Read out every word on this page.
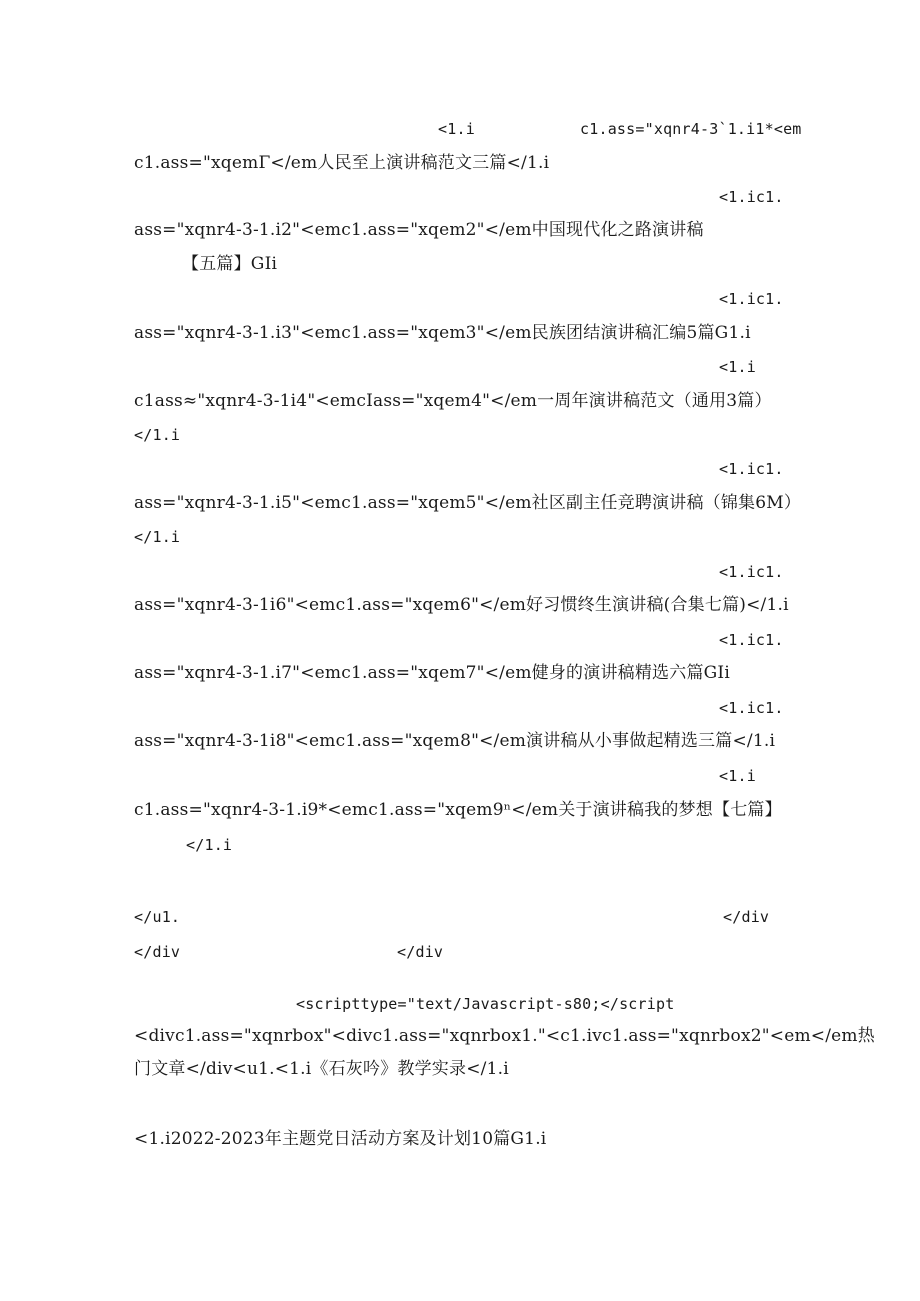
<1.i	c1.ass="xqnr4-3`1.i1*<em
c1.ass="xqemΓ</em人民至上演讲稿范文三篇</1.i
<1.ic1.
ass="xqnr4-3-1.i2"<emc1.ass="xqem2"</em中国现代化之路演讲稿
【五篇】GIi
<1.ic1.
ass="xqnr4-3-1.i3"<emc1.ass="xqem3"</em民族团结演讲稿汇编5篇G1.i
<1.i
c1ass≈"xqnr4-3-1i4"<emcIass="xqem4"</em一周年演讲稿范文（通用3篇）
</1.i
<1.ic1.
ass="xqnr4-3-1.i5"<emc1.ass="xqem5"</em社区副主任竞聘演讲稿（锦集6M）
</1.i
<1.ic1.
ass="xqnr4-3-1i6"<emc1.ass="xqem6"</em好习惯终生演讲稿(合集七篇)</1.i
<1.ic1.
ass="xqnr4-3-1.i7"<emc1.ass="xqem7"</em健身的演讲稿精选六篇GIi
<1.ic1.
ass="xqnr4-3-1i8"<emc1.ass="xqem8"</em演讲稿从小事做起精选三篇</1.i
<1.i
c1.ass="xqnr4-3-1.i9*<emc1.ass="xqem9ⁿ</em关于演讲稿我的梦想【七篇】
</1.i
</u1.	</div
</div	</div
<scripttype="text/Javascript-s80;</script
<divc1.ass="xqnrbox"<divc1.ass="xqnrbox1."<c1.ivc1.ass="xqnrbox2"<em</em热
门文章</div<u1.<1.i《石灰吟》教学实录</1.i
<1.i2022-2023年主题党日活动方案及计划10篇G1.i
